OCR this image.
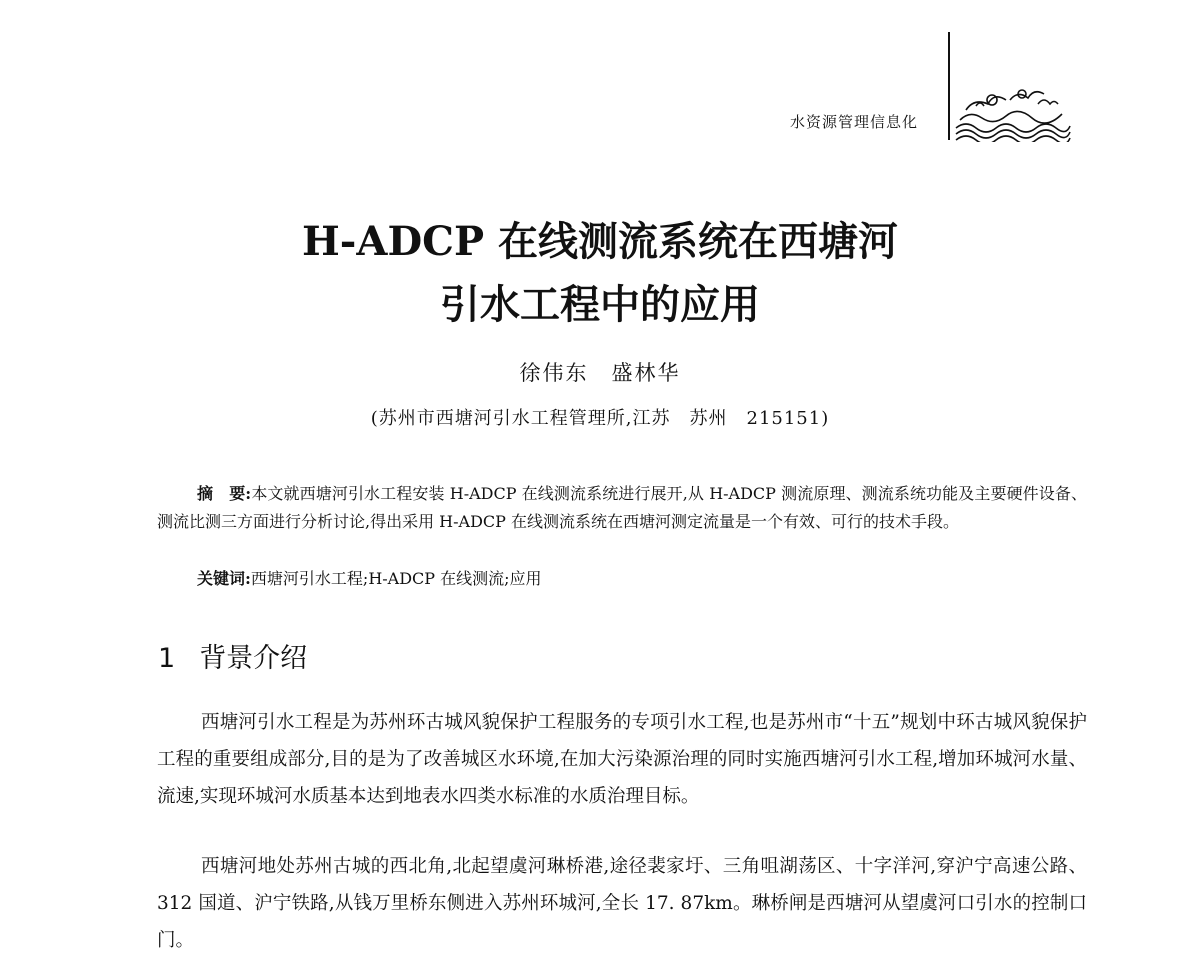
水资源管理信息化
H-ADCP 在线测流系统在西塘河
引水工程中的应用
徐伟东　盛林华
(苏州市西塘河引水工程管理所,江苏　苏州　215151)
摘　要:本文就西塘河引水工程安装 H-ADCP 在线测流系统进行展开,从 H-ADCP 测流原理、测流系统功能及主要硬件设备、测流比测三方面进行分析讨论,得出采用 H-ADCP 在线测流系统在西塘河测定流量是一个有效、可行的技术手段。
关键词:西塘河引水工程;H-ADCP 在线测流;应用
1 背景介绍
西塘河引水工程是为苏州环古城风貌保护工程服务的专项引水工程,也是苏州市“十五”规划中环古城风貌保护工程的重要组成部分,目的是为了改善城区水环境,在加大污染源治理的同时实施西塘河引水工程,增加环城河水量、流速,实现环城河水质基本达到地表水四类水标准的水质治理目标。
西塘河地处苏州古城的西北角,北起望虞河琳桥港,途径裴家圩、三角咀湖荡区、十字洋河,穿沪宁高速公路、312 国道、沪宁铁路,从钱万里桥东侧进入苏州环城河,全长 17. 87km。琳桥闸是西塘河从望虞河口引水的控制口门。
